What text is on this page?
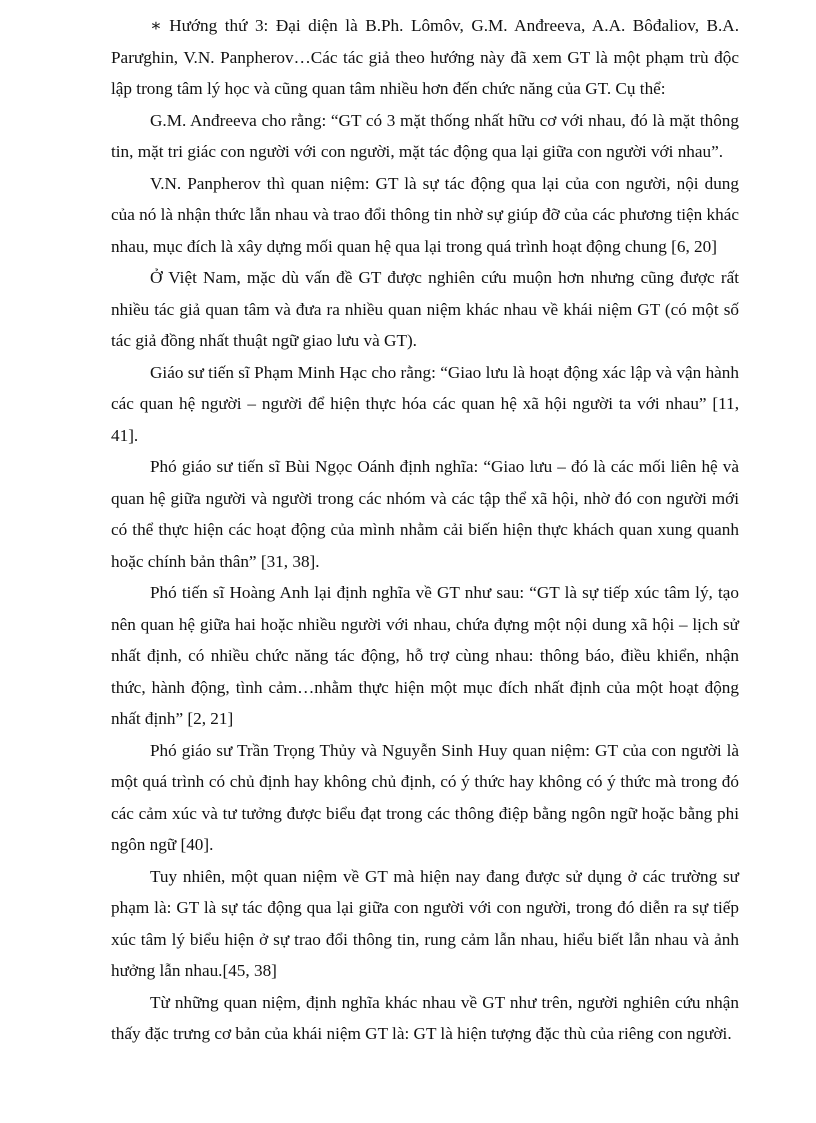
∗ Hướng thứ 3: Đại diện là B.Ph. Lômôv, G.M. Anđreeva, A.A. Bôđaliov, B.A. Parưghin, V.N. Panpherov…Các tác giả theo hướng này đã xem GT là một phạm trù độc lập trong tâm lý học và cũng quan tâm nhiều hơn đến chức năng của GT. Cụ thể:

G.M. Anđreeva cho rằng: “GT có 3 mặt thống nhất hữu cơ với nhau, đó là mặt thông tin, mặt tri giác con người với con người, mặt tác động qua lại giữa con người với nhau”.

V.N. Panpherov thì quan niệm: GT là sự tác động qua lại của con người, nội dung của nó là nhận thức lẫn nhau và trao đổi thông tin nhờ sự giúp đỡ của các phương tiện khác nhau, mục đích là xây dựng mối quan hệ qua lại trong quá trình hoạt động chung [6, 20]

Ở Việt Nam, mặc dù vấn đề GT được nghiên cứu muộn hơn nhưng cũng được rất nhiều tác giả quan tâm và đưa ra nhiều quan niệm khác nhau về khái niệm GT (có một số tác giả đồng nhất thuật ngữ giao lưu và GT).

Giáo sư tiến sĩ Phạm Minh Hạc cho rằng: “Giao lưu là hoạt động xác lập và vận hành các quan hệ người – người để hiện thực hóa các quan hệ xã hội người ta với nhau” [11, 41].

Phó giáo sư tiến sĩ Bùi Ngọc Oánh định nghĩa: “Giao lưu – đó là các mối liên hệ và quan hệ giữa người và người trong các nhóm và các tập thể xã hội, nhờ đó con người mới có thể thực hiện các hoạt động của mình nhằm cải biến hiện thực khách quan xung quanh hoặc chính bản thân” [31, 38].

Phó tiến sĩ Hoàng Anh lại định nghĩa về GT như sau: “GT là sự tiếp xúc tâm lý, tạo nên quan hệ giữa hai hoặc nhiều người với nhau, chứa đựng một nội dung xã hội – lịch sử nhất định, có nhiều chức năng tác động, hỗ trợ cùng nhau: thông báo, điều khiển, nhận thức, hành động, tình cảm…nhằm thực hiện một mục đích nhất định của một hoạt động nhất định” [2, 21]

Phó giáo sư Trần Trọng Thủy và Nguyễn Sinh Huy quan niệm: GT của con người là một quá trình có chủ định hay không chủ định, có ý thức hay không có ý thức mà trong đó các cảm xúc và tư tưởng được biểu đạt trong các thông điệp bằng ngôn ngữ hoặc bằng phi ngôn ngữ [40].

Tuy nhiên, một quan niệm về GT mà hiện nay đang được sử dụng ở các trường sư phạm là: GT là sự tác động qua lại giữa con người với con người, trong đó diễn ra sự tiếp xúc tâm lý biểu hiện ở sự trao đổi thông tin, rung cảm lẫn nhau, hiểu biết lẫn nhau và ảnh hưởng lẫn nhau.[45, 38]

Từ những quan niệm, định nghĩa khác nhau về GT như trên, người nghiên cứu nhận thấy đặc trưng cơ bản của khái niệm GT là: GT là hiện tượng đặc thù của riêng con người.
